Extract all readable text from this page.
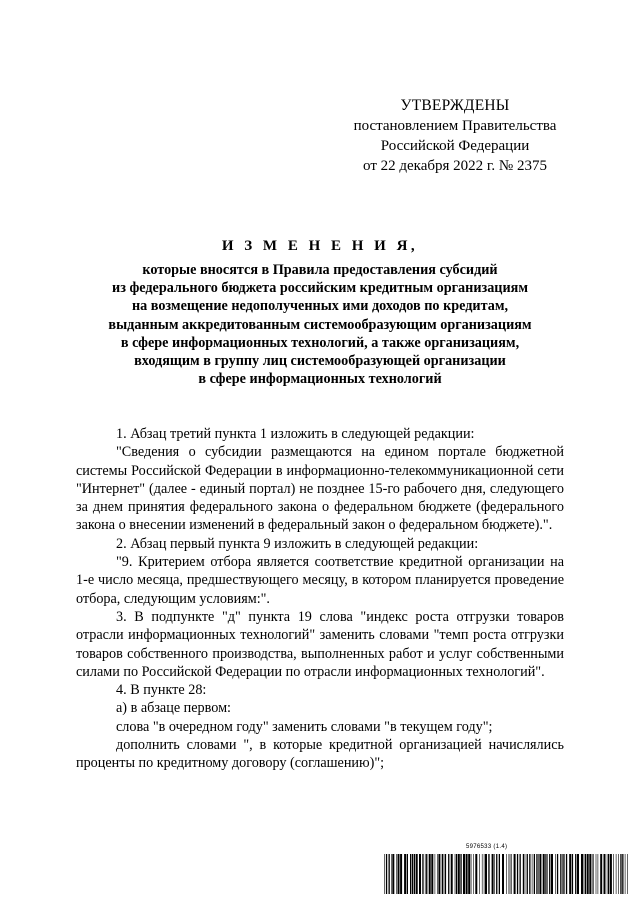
УТВЕРЖДЕНЫ
постановлением Правительства
Российской Федерации
от 22 декабря 2022 г. № 2375
И З М Е Н Е Н И Я,
которые вносятся в Правила предоставления субсидий
из федерального бюджета российским кредитным организациям
на возмещение недополученных ими доходов по кредитам,
выданным аккредитованным системообразующим организациям
в сфере информационных технологий, а также организациям,
входящим в группу лиц системообразующей организации
в сфере информационных технологий

1. Абзац третий пункта 1 изложить в следующей редакции:

"Сведения о субсидии размещаются на едином портале бюджетной системы Российской Федерации в информационно-телекоммуникационной сети "Интернет" (далее - единый портал) не позднее 15-го рабочего дня, следующего за днем принятия федерального закона о федеральном бюджете (федерального закона о внесении изменений в федеральный закон о федеральном бюджете).".

2. Абзац первый пункта 9 изложить в следующей редакции:

"9. Критерием отбора является соответствие кредитной организации на 1-е число месяца, предшествующего месяцу, в котором планируется проведение отбора, следующим условиям:".

3. В подпункте "д" пункта 19 слова "индекс роста отгрузки товаров отрасли информационных технологий" заменить словами "темп роста отгрузки товаров собственного производства, выполненных работ и услуг собственными силами по Российской Федерации по отрасли информационных технологий".

4. В пункте 28:

а) в абзаце первом:

слова "в очередном году" заменить словами "в текущем году";

дополнить словами ", в которые кредитной организацией начислялись проценты по кредитному договору (соглашению)";

5976533 (1.4)
